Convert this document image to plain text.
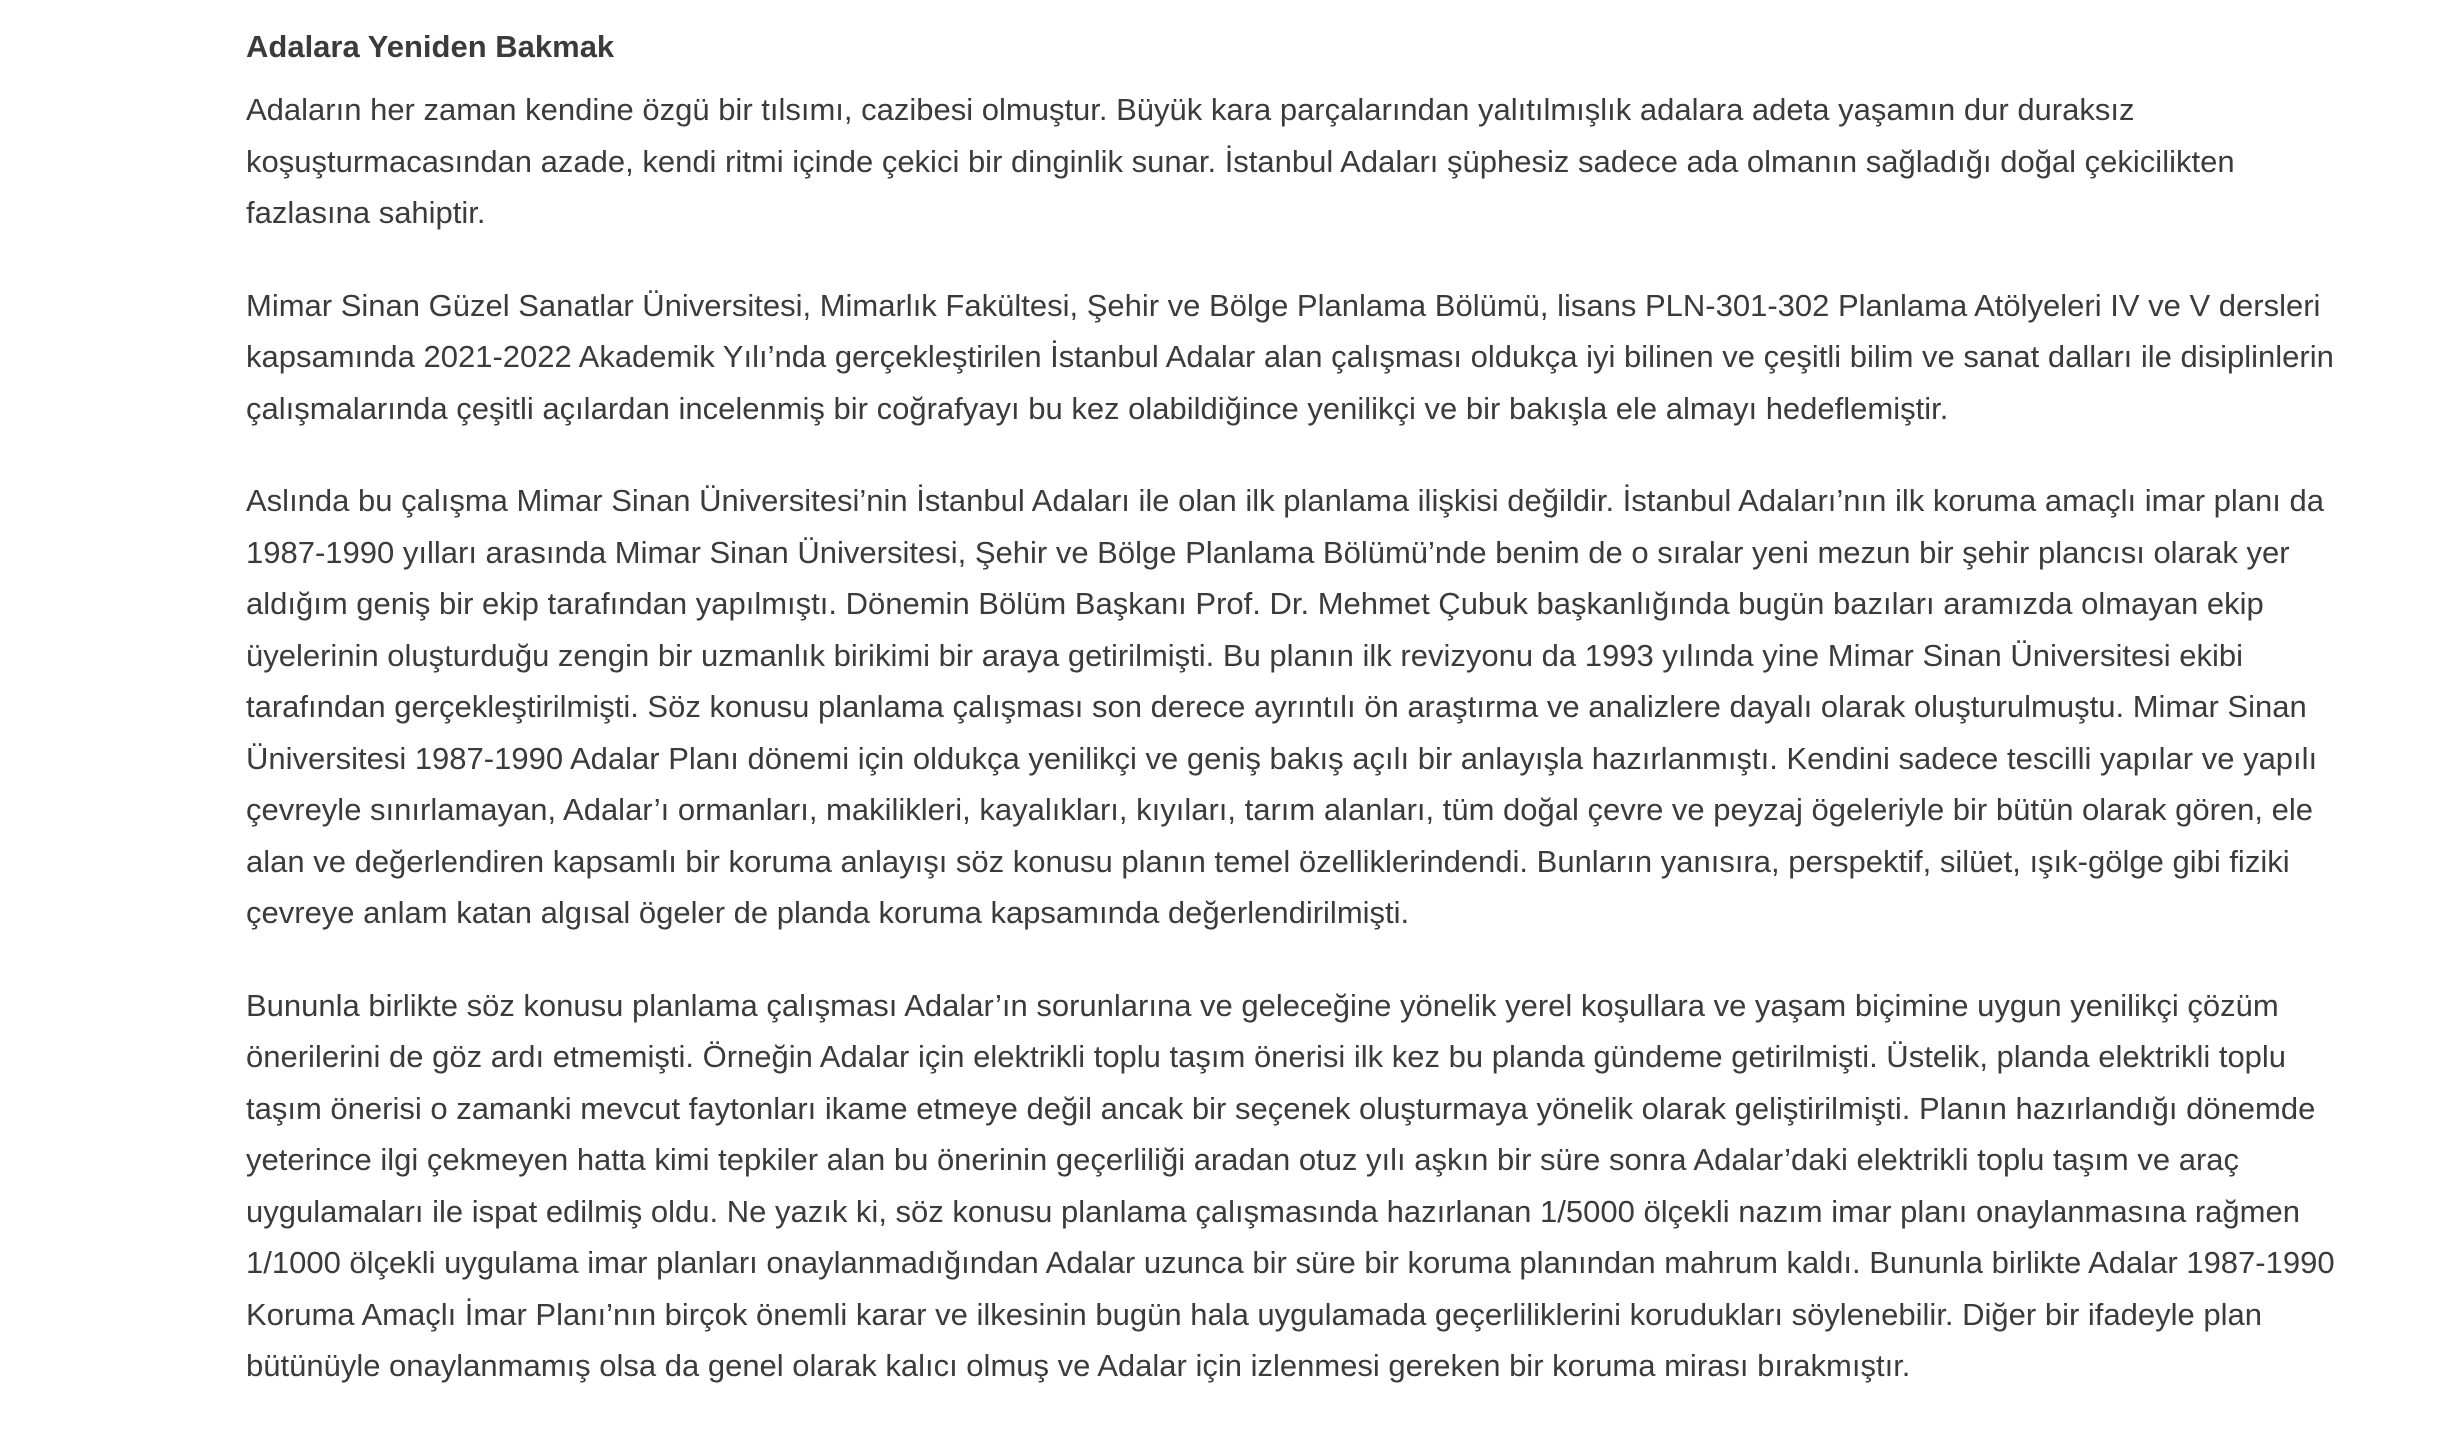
Adalara Yeniden Bakmak

Adaların her zaman kendine özgü bir tılsımı, cazibesi olmuştur. Büyük kara parçalarından yalıtılmışlık adalara adeta yaşamın dur duraksız koşuşturmacasından azade, kendi ritmi içinde çekici bir dinginlik sunar. İstanbul Adaları şüphesiz sadece ada olmanın sağladığı doğal çekicilikten fazlasına sahiptir.

Mimar Sinan Güzel Sanatlar Üniversitesi, Mimarlık Fakültesi, Şehir ve Bölge Planlama Bölümü, lisans PLN-301-302 Planlama Atölyeleri IV ve V dersleri kapsamında 2021-2022 Akademik Yılı’nda gerçekleştirilen İstanbul Adalar alan çalışması oldukça iyi bilinen ve çeşitli bilim ve sanat dalları ile disiplinlerin çalışmalarında çeşitli açılardan incelenmiş bir coğrafyayı bu kez olabildiğince yenilikçi ve bir bakışla ele almayı hedeflemiştir.

Aslında bu çalışma Mimar Sinan Üniversitesi’nin İstanbul Adaları ile olan ilk planlama ilişkisi değildir. İstanbul Adaları’nın ilk koruma amaçlı imar planı da 1987-1990 yılları arasında Mimar Sinan Üniversitesi, Şehir ve Bölge Planlama Bölümü’nde benim de o sıralar yeni mezun bir şehir plancısı olarak yer aldığım geniş bir ekip tarafından yapılmıştı. Dönemin Bölüm Başkanı Prof. Dr. Mehmet Çubuk başkanlığında bugün bazıları aramızda olmayan ekip üyelerinin oluşturduğu zengin bir uzmanlık birikimi bir araya getirilmişti. Bu planın ilk revizyonu da 1993 yılında yine Mimar Sinan Üniversitesi ekibi tarafından gerçekleştirilmişti. Söz konusu planlama çalışması son derece ayrıntılı ön araştırma ve analizlere dayalı olarak oluşturulmuştu. Mimar Sinan Üniversitesi 1987-1990 Adalar Planı dönemi için oldukça yenilikçi ve geniş bakış açılı bir anlayışla hazırlanmıştı. Kendini sadece tescilli yapılar ve yapılı çevreyle sınırlamayan, Adalar’ı ormanları, makilikleri, kayalıkları, kıyıları, tarım alanları, tüm doğal çevre ve peyzaj ögeleriyle bir bütün olarak gören, ele alan ve değerlendiren kapsamlı bir koruma anlayışı söz konusu planın temel özelliklerindendi. Bunların yanısıra, perspektif, silüet, ışık-gölge gibi fiziki çevreye anlam katan algısal ögeler de planda koruma kapsamında değerlendirilmişti.

Bununla birlikte söz konusu planlama çalışması Adalar’ın sorunlarına ve geleceğine yönelik yerel koşullara ve yaşam biçimine uygun yenilikçi çözüm önerilerini de göz ardı etmemişti. Örneğin Adalar için elektrikli toplu taşım önerisi ilk kez bu planda gündeme getirilmişti. Üstelik, planda elektrikli toplu taşım önerisi o zamanki mevcut faytonları ikame etmeye değil ancak bir seçenek oluşturmaya yönelik olarak geliştirilmişti. Planın hazırlandığı dönemde yeterince ilgi çekmeyen hatta kimi tepkiler alan bu önerinin geçerliliği aradan otuz yılı aşkın bir süre sonra Adalar’daki elektrikli toplu taşım ve araç uygulamaları ile ispat edilmiş oldu. Ne yazık ki, söz konusu planlama çalışmasında hazırlanan 1/5000 ölçekli nazım imar planı onaylanmasına rağmen 1/1000 ölçekli uygulama imar planları onaylanmadığından Adalar uzunca bir süre bir koruma planından mahrum kaldı. Bununla birlikte Adalar 1987-1990 Koruma Amaçlı İmar Planı’nın birçok önemli karar ve ilkesinin bugün hala uygulamada geçerliliklerini korudukları söylenebilir. Diğer bir ifadeyle plan bütünüyle onaylanmamış olsa da genel olarak kalıcı olmuş ve Adalar için izlenmesi gereken bir koruma mirası bırakmıştır.
